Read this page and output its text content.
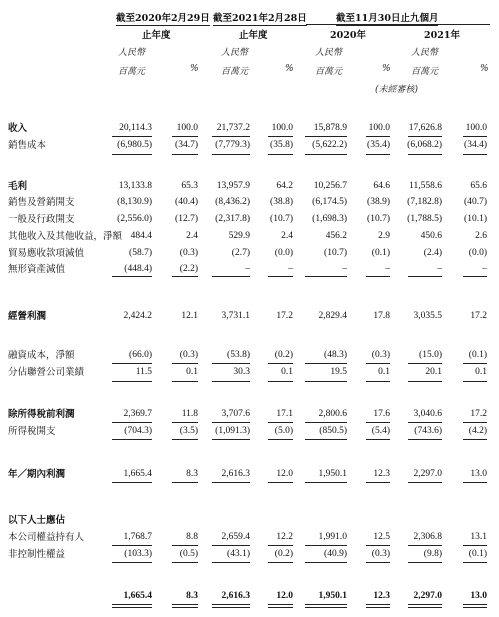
截至2020年2月29日 截至2021年2月28日	截至11月30日止九個月
止年度	止年度	2020年	2021年
人民幣
百萬元	%
人民幣
百萬元	%
人民幣
百萬元	%
人民幣
百萬元	%
(未經審核)
收入	20,114.3	100.0 21,737.2 100.0 15,878.9 100.0 17,626.8 100.0
銷售成本	(6,980.5) (34.7) (7,779.3) (35.8) (5,622.2) (35.4) (6,068.2) (34.4)
毛利	13,133.8	65.3 13,957.9	64.2 10,256.7	64.6 11,558.6	65.6
銷售及營銷開支	(8,130.9) (40.4) (8,436.2) (38.8) (6,174.5) (38.9) (7,182.8) (40.7)
一般及行政開支	(2,556.0) (12.7) (2,317.8) (10.7) (1,698.3) (10.7) (1,788.5) (10.1)
其他收入及其他收益，淨額 484.4	2.4	529.9	2.4	456.2	2.9	450.6	2.6
貿易應收款項減值	(58.7)	(0.3)	(2.7)	(0.0)	(10.7)	(0.1)	(2.4)	(0.0)
無形資產減值	(448.4)	(2.2)	–	–	–	–	–	–
經營利潤	2,424.2	12.1 3,731.1	17.2	2,829.4	17.8 3,035.5	17.2
融資成本，淨額	(66.0)	(0.3)	(53.8)	(0.2)	(48.3)	(0.3)	(15.0)	(0.1)
分佔聯營公司業績	11.5	0.1	30.3	0.1	19.5	0.1	20.1	0.1
除所得稅前利潤	2,369.7	11.8 3,707.6	17.1	2,800.6	17.6 3,040.6	17.2
所得稅開支	(704.3)	(3.5) (1,091.3)	(5.0)	(850.5)	(5.4)	(743.6)	(4.2)
年／期內利潤	1,665.4	8.3 2,616.3	12.0	1,950.1	12.3 2,297.0	13.0
以下人士應佔
本公司權益持有人	1,768.7	8.8 2,659.4	12.2	1,991.0	12.5 2,306.8	13.1
非控制性權益	(103.3)	(0.5)	(43.1)	(0.2)	(40.9)	(0.3)	(9.8)	(0.1)
1,665.4	8.3 2,616.3	12.0	1,950.1	12.3 2,297.0	13.0
